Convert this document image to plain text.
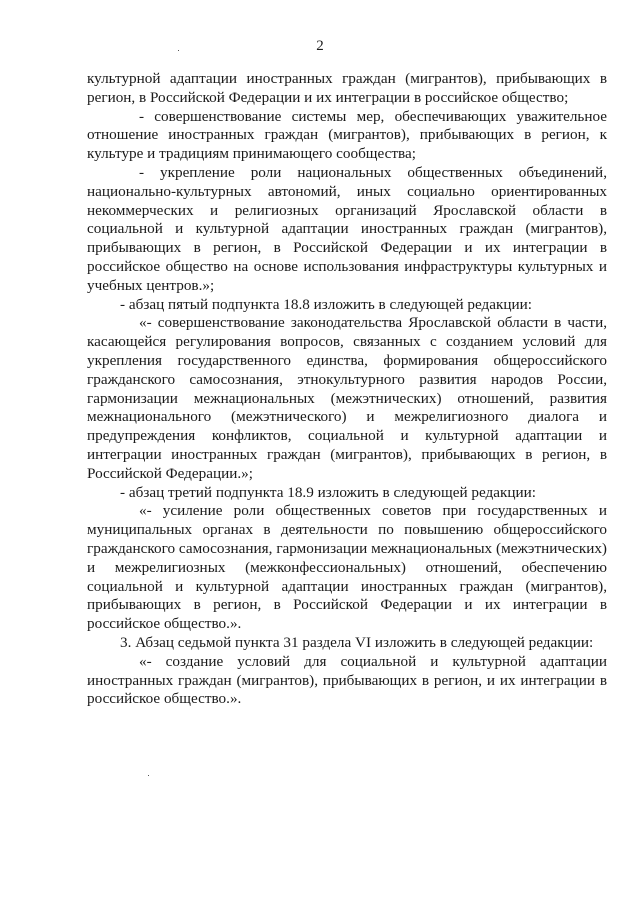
2

культурной адаптации иностранных граждан (мигрантов), прибывающих в регион, в Российской Федерации и их интеграции в российское общество;

- совершенствование системы мер, обеспечивающих уважительное отношение иностранных граждан (мигрантов), прибывающих в регион, к культуре и традициям принимающего сообщества;

- укрепление роли национальных общественных объединений, национально-культурных автономий, иных социально ориентированных некоммерческих и религиозных организаций Ярославской области в социальной и культурной адаптации иностранных граждан (мигрантов), прибывающих в регион, в Российской Федерации и их интеграции в российское общество на основе использования инфраструктуры культурных и учебных центров.»;

- абзац пятый подпункта 18.8 изложить в следующей редакции:

«- совершенствование законодательства Ярославской области в части, касающейся регулирования вопросов, связанных с созданием условий для укрепления государственного единства, формирования общероссийского гражданского самосознания, этнокультурного развития народов России, гармонизации межнациональных (межэтнических) отношений, развития межнационального (межэтнического) и межрелигиозного диалога и предупреждения конфликтов, социальной и культурной адаптации и интеграции иностранных граждан (мигрантов), прибывающих в регион, в Российской Федерации.»;

- абзац третий подпункта 18.9 изложить в следующей редакции:

«- усиление роли общественных советов при государственных и муниципальных органах в деятельности по повышению общероссийского гражданского самосознания, гармонизации межнациональных (межэтнических) и межрелигиозных (межконфессиональных) отношений, обеспечению социальной и культурной адаптации иностранных граждан (мигрантов), прибывающих в регион, в Российской Федерации и их интеграции в российское общество.».

3. Абзац седьмой пункта 31 раздела VI изложить в следующей редакции:

«- создание условий для социальной и культурной адаптации иностранных граждан (мигрантов), прибывающих в регион, и их интеграции в российское общество.».
